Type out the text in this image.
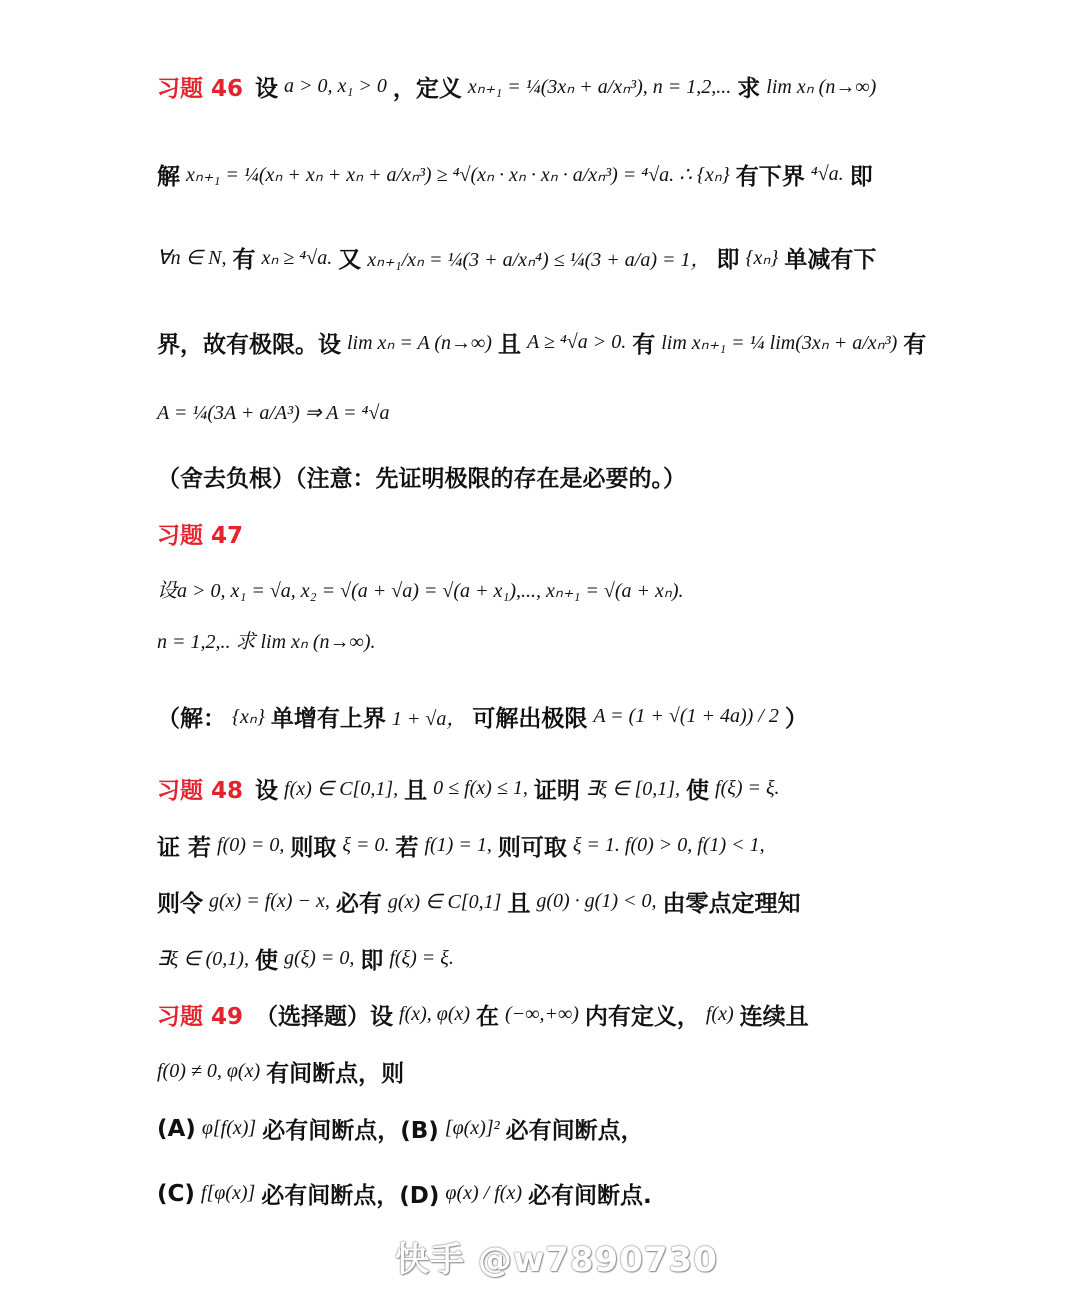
习题 46 设 a > 0, x₁ > 0 ，定义 xₙ₊₁ = ¼(3xₙ + a/xₙ³), n = 1,2,... 求 lim xₙ (n→∞)
解 xₙ₊₁ = ¼(xₙ + xₙ + xₙ + a/xₙ³) ≥ ⁴√(xₙ · xₙ · xₙ · a/xₙ³) = ⁴√a. ∴ {xₙ} 有下界 ⁴√a. 即
∀n ∈ N, 有 xₙ ≥ ⁴√a. 又 xₙ₊₁/xₙ = ¼(3 + a/xₙ⁴) ≤ ¼(3 + a/a) = 1， 即 {xₙ} 单减有下
界，故有极限。设 lim xₙ = A (n→∞) 且 A ≥ ⁴√a > 0. 有 lim xₙ₊₁ = ¼ lim(3xₙ + a/xₙ³) 有
A = ¼(3A + a/A³) ⇒ A = ⁴√a
（舍去负根）（注意：先证明极限的存在是必要的。）
习题 47
设a > 0, x₁ = √a, x₂ = √(a + √a) = √(a + x₁),..., xₙ₊₁ = √(a + xₙ).
n = 1,2,.. 求 lim xₙ (n→∞).
（解： {xₙ} 单增有上界 1 + √a， 可解出极限 A = (1 + √(1 + 4a)) / 2 ）
习题 48 设 f(x) ∈ C[0,1], 且 0 ≤ f(x) ≤ 1, 证明 ∃ξ ∈ [0,1], 使 f(ξ) = ξ.
证 若 f(0) = 0, 则取 ξ = 0. 若 f(1) = 1, 则可取 ξ = 1. f(0) > 0, f(1) < 1,
则令 g(x) = f(x) − x, 必有 g(x) ∈ C[0,1] 且 g(0) · g(1) < 0, 由零点定理知
∃ξ ∈ (0,1), 使 g(ξ) = 0, 即 f(ξ) = ξ.
习题 49 （选择题）设 f(x), φ(x) 在 (−∞,+∞) 内有定义， f(x) 连续且
f(0) ≠ 0, φ(x) 有间断点，则
(A) φ[f(x)] 必有间断点，(B) [φ(x)]² 必有间断点，
(C) f[φ(x)] 必有间断点，(D) φ(x) / f(x) 必有间断点.
快手 @w7890730
